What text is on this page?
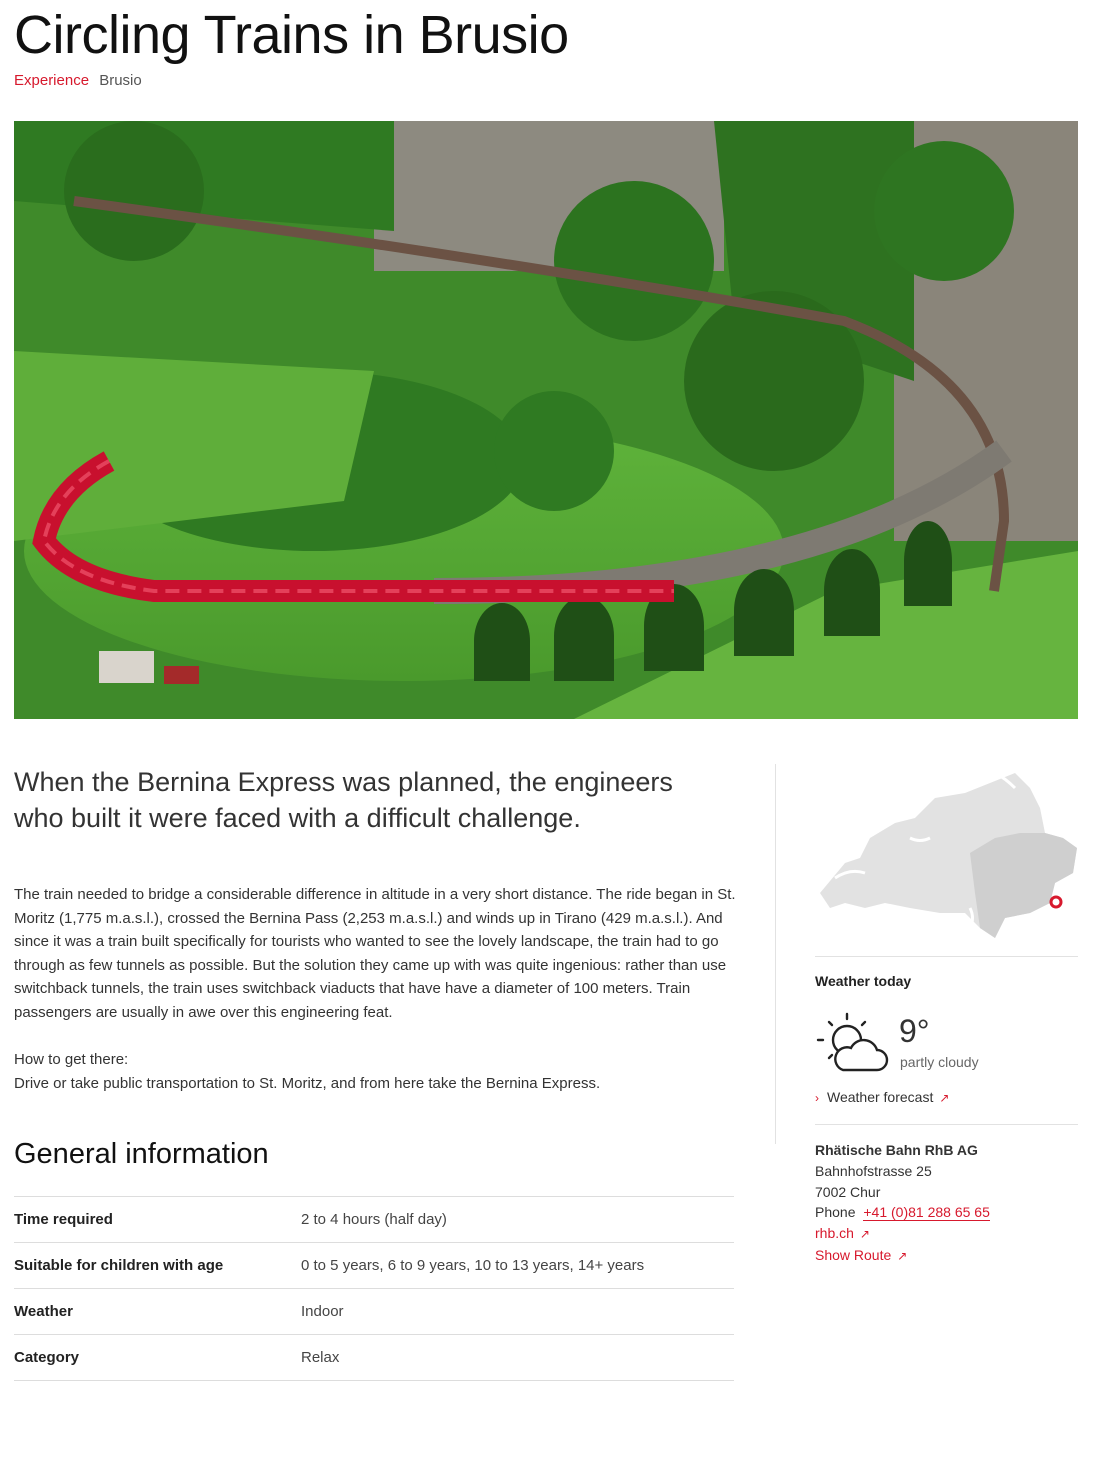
Circling Trains in Brusio
Experience Brusio
When the Bernina Express was planned, the engineers who built it were faced with a difficult challenge.
The train needed to bridge a considerable difference in altitude in a very short distance. The ride began in St. Moritz (1,775 m.a.s.l.), crossed the Bernina Pass (2,253 m.a.s.l.) and winds up in Tirano (429 m.a.s.l.). And since it was a train built specifically for tourists who wanted to see the lovely landscape, the train had to go through as few tunnels as possible. But the solution they came up with was quite ingenious: rather than use switchback tunnels, the train uses switchback viaducts that have have a diameter of 100 meters. Train passengers are usually in awe over this engineering feat.
How to get there:
Drive or take public transportation to St. Moritz, and from here take the Bernina Express.
General information
Time required	2 to 4 hours (half day)
Suitable for children with age	0 to 5 years, 6 to 9 years, 10 to 13 years, 14+ years
Weather	Indoor
Category	Relax
Weather today
9°
partly cloudy
› Weather forecast ↗
Rhätische Bahn RhB AG
Bahnhofstrasse 25
7002 Chur
Phone +41 (0)81 288 65 65
rhb.ch ↗
Show Route ↗
